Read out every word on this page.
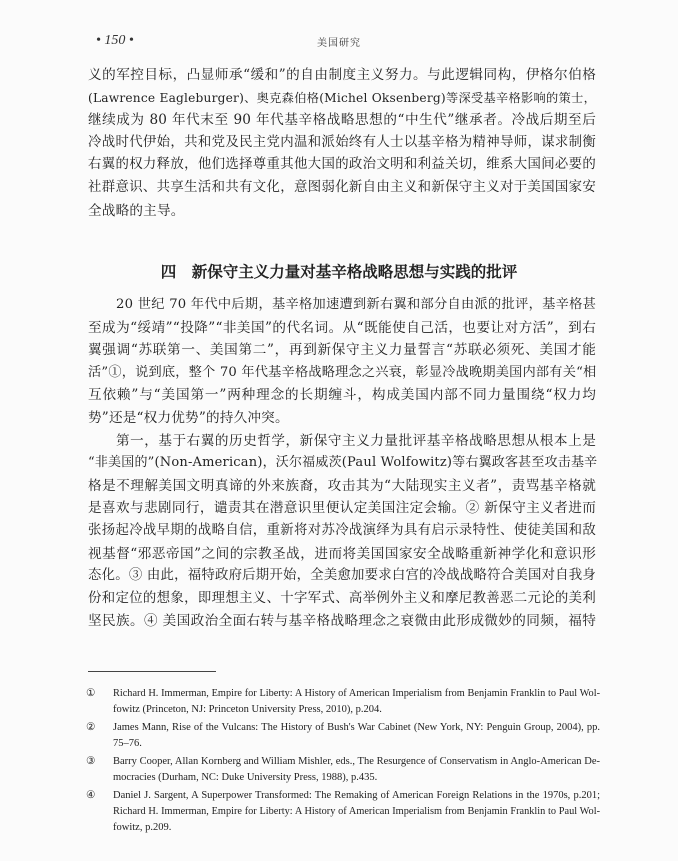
• 150 •	美国研究
义的军控目标，凸显师承“缓和”的自由制度主义努力。与此逻辑同构，伊格尔伯格
(Lawrence Eagleburger)、奥克森伯格(Michel Oksenberg)等深受基辛格影响的策士，
继续成为 80 年代末至 90 年代基辛格战略思想的“中生代”继承者。冷战后期至后
冷战时代伊始，共和党及民主党内温和派始终有人士以基辛格为精神导师，谋求制衡
右翼的权力释放，他们选择尊重其他大国的政治文明和利益关切，维系大国间必要的
社群意识、共享生活和共有文化，意图弱化新自由主义和新保守主义对于美国国家安
全战略的主导。
四　新保守主义力量对基辛格战略思想与实践的批评
20 世纪 70 年代中后期，基辛格加速遭到新右翼和部分自由派的批评，基辛格甚
至成为“绥靖”“投降”“非美国”的代名词。从“既能使自己活，也要让对方活”，到右
翼强调“苏联第一、美国第二”，再到新保守主义力量誓言“苏联必须死、美国才能
活”①，说到底，整个 70 年代基辛格战略理念之兴衰，彰显冷战晚期美国内部有关“相
互依赖”与“美国第一”两种理念的长期缠斗，构成美国内部不同力量围绕“权力均
势”还是“权力优势”的持久冲突。
第一，基于右翼的历史哲学，新保守主义力量批评基辛格战略思想从根本上是
“非美国的”(Non-American)，沃尔福威茨(Paul Wolfowitz)等右翼政客甚至攻击基辛
格是不理解美国文明真谛的外来族裔，攻击其为“大陆现实主义者”，责骂基辛格就
是喜欢与悲剧同行，谴责其在潜意识里便认定美国注定会输。② 新保守主义者进而
张扬起冷战早期的战略自信，重新将对苏冷战演绎为具有启示录特性、使徒美国和敌
视基督“邪恶帝国”之间的宗教圣战，进而将美国国家安全战略重新神学化和意识形
态化。③ 由此，福特政府后期开始，全美愈加要求白宫的冷战战略符合美国对自我身
份和定位的想象，即理想主义、十字军式、高举例外主义和摩尼教善恶二元论的美利
坚民族。④ 美国政治全面右转与基辛格战略理念之衰微由此形成微妙的同频，福特
① Richard H. Immerman, Empire for Liberty: A History of American Imperialism from Benjamin Franklin to Paul Wol-
fowitz (Princeton, NJ: Princeton University Press, 2010), p.204.
② James Mann, Rise of the Vulcans: The History of Bush's War Cabinet (New York, NY: Penguin Group, 2004), pp.
75–76.
③ Barry Cooper, Allan Kornberg and William Mishler, eds., The Resurgence of Conservatism in Anglo-American De-
mocracies (Durham, NC: Duke University Press, 1988), p.435.
④ Daniel J. Sargent, A Superpower Transformed: The Remaking of American Foreign Relations in the 1970s, p.201;
Richard H. Immerman, Empire for Liberty: A History of American Imperialism from Benjamin Franklin to Paul Wol-
fowitz, p.209.
